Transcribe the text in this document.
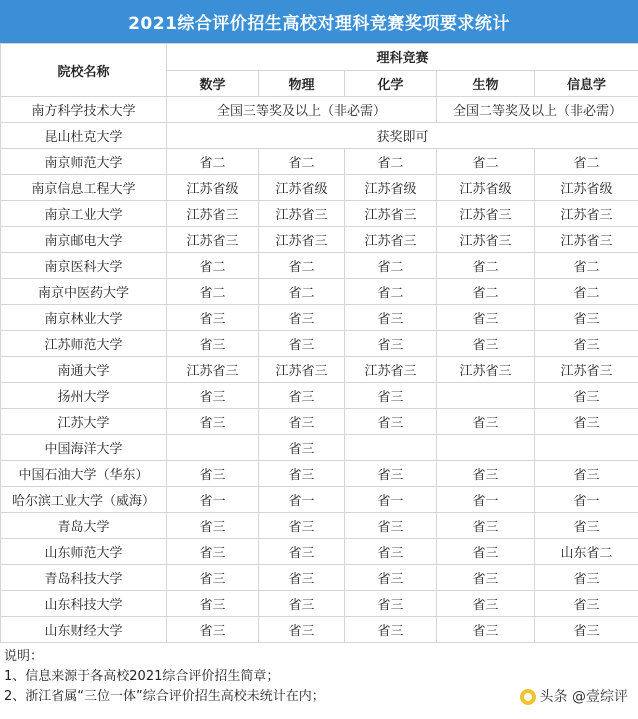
2021综合评价招生高校对理科竞赛奖项要求统计
院校名称	理科竞赛				
	数学	物理	化学	生物	信息学
南方科学技术大学	全国三等奖及以上（非必需）			全国二等奖及以上（非必需）	
昆山杜克大学	获奖即可				
南京师范大学	省二	省二	省二	省二	省二
南京信息工程大学	江苏省级	江苏省级	江苏省级	江苏省级	江苏省级
南京工业大学	江苏省三	江苏省三	江苏省三	江苏省三	江苏省三
南京邮电大学	江苏省三	江苏省三	江苏省三	江苏省三	江苏省三
南京医科大学	省二	省二	省二	省二	省二
南京中医药大学	省二	省二	省二	省二	省二
南京林业大学	省三	省三	省三	省三	省三
江苏师范大学	省三	省三	省三	省三	省三
南通大学	江苏省三	江苏省三	江苏省三	江苏省三	江苏省三
扬州大学	省三	省三	省三		省三
江苏大学	省三	省三	省三	省三	省三
中国海洋大学		省三			
中国石油大学（华东）	省三	省三	省三	省三	省三
哈尔滨工业大学（威海）	省一	省一	省一	省一	省一
青岛大学	省三	省三	省三	省三	省三
山东师范大学	省三	省三	省三	省三	山东省二
青岛科技大学	省三	省三	省三	省三	省三
山东科技大学	省三	省三	省三	省三	省三
山东财经大学	省三	省三	省三	省三	省三
说明：
1、信息来源于各高校2021综合评价招生简章；
2、浙江省属“三位一体”综合评价招生高校未统计在内；	头条 @壹综评
